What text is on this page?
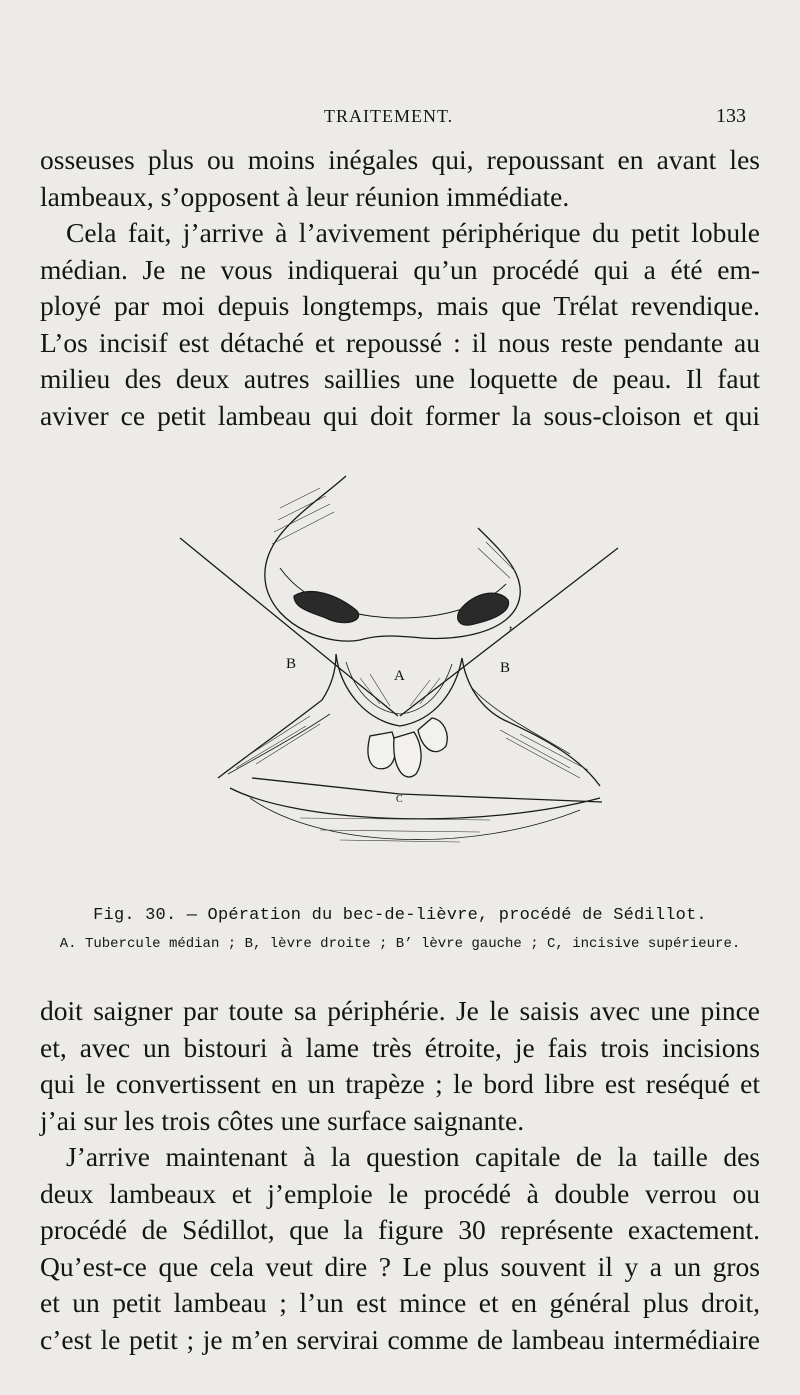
TRAITEMENT.	133

osseuses plus ou moins inégales qui, repoussant en avant les
lambeaux, s’opposent à leur réunion immédiate.

Cela fait, j’arrive à l’avivement périphérique du petit lobule
médian. Je ne vous indiquerai qu’un procédé qui a été em-
ployé par moi depuis longtemps, mais que Trélat revendique.
L’os incisif est détaché et repoussé : il nous reste pendante au
milieu des deux autres saillies une loquette de peau. Il faut
aviver ce petit lambeau qui doit former la sous-cloison et qui

B
A	B
’
C
Fig. 30. — Opération du bec-de-lièvre, procédé de Sédillot.
A. Tubercule médian ; B, lèvre droite ; B’ lèvre gauche ; C, incisive supérieure.

doit saigner par toute sa périphérie. Je le saisis avec une pince
et, avec un bistouri à lame très étroite, je fais trois incisions
qui le convertissent en un trapèze ; le bord libre est reséqué et
j’ai sur les trois côtes une surface saignante.

J’arrive maintenant à la question capitale de la taille des
deux lambeaux et j’emploie le procédé à double verrou ou
procédé de Sédillot, que la figure 30 représente exactement.
Qu’est-ce que cela veut dire ? Le plus souvent il y a un gros
et un petit lambeau ; l’un est mince et en général plus droit,
c’est le petit ; je m’en servirai comme de lambeau intermédiaire
